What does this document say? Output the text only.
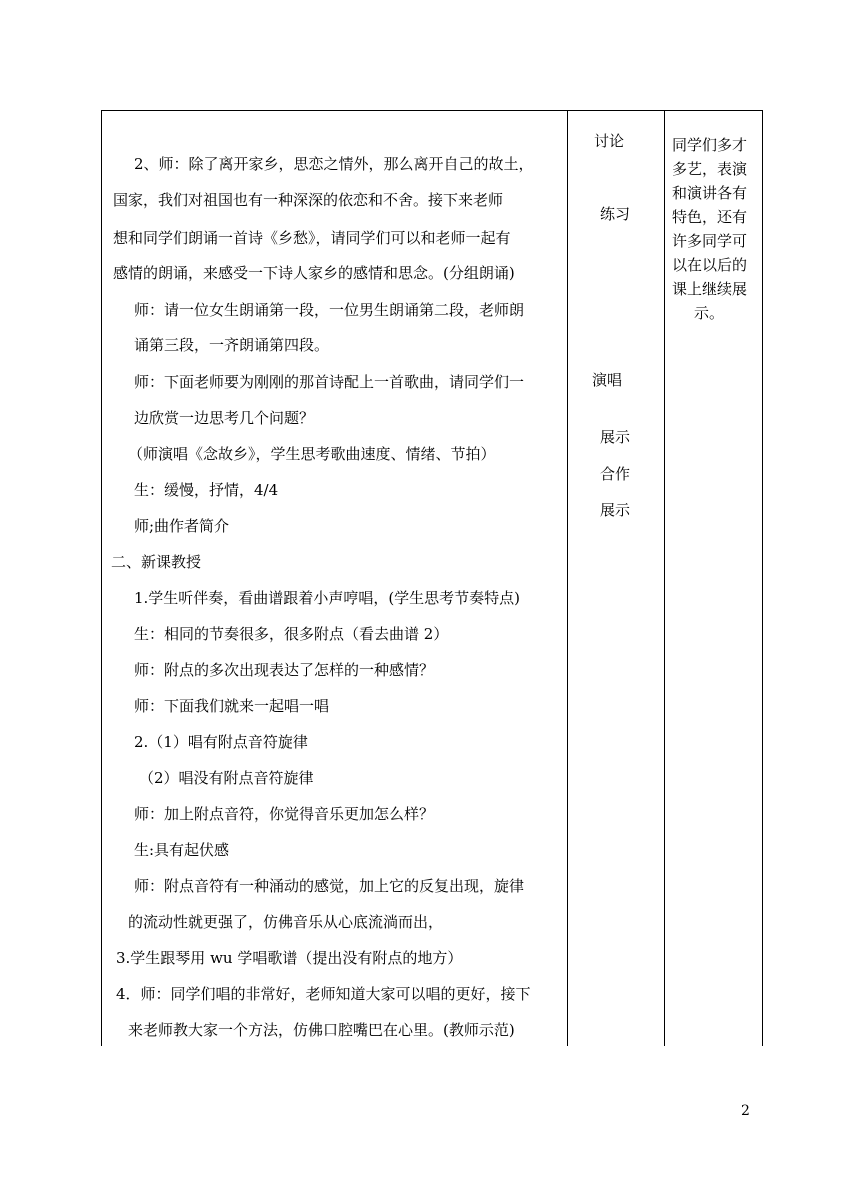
2、师：除了离开家乡，思恋之情外，那么离开自己的故土，
国家，我们对祖国也有一种深深的依恋和不舍。接下来老师
想和同学们朗诵一首诗《乡愁》，请同学们可以和老师一起有
感情的朗诵，来感受一下诗人家乡的感情和思念。(分组朗诵)
师：请一位女生朗诵第一段，一位男生朗诵第二段，老师朗
诵第三段，一齐朗诵第四段。
师：下面老师要为刚刚的那首诗配上一首歌曲，请同学们一
边欣赏一边思考几个问题？
（师演唱《念故乡》，学生思考歌曲速度、情绪、节拍）
生：缓慢，抒情，4/4
师;曲作者简介
二、新课教授
1.学生听伴奏，看曲谱跟着小声哼唱，(学生思考节奏特点)
生：相同的节奏很多，很多附点（看去曲谱 2）
师：附点的多次出现表达了怎样的一种感情？
师：下面我们就来一起唱一唱
2.（1）唱有附点音符旋律
（2）唱没有附点音符旋律
师：加上附点音符，你觉得音乐更加怎么样？
生:具有起伏感
师：附点音符有一种涌动的感觉，加上它的反复出现，旋律
的流动性就更强了，仿佛音乐从心底流淌而出，
3.学生跟琴用 wu 学唱歌谱（提出没有附点的地方）
4．师：同学们唱的非常好，老师知道大家可以唱的更好，接下
来老师教大家一个方法，仿佛口腔嘴巴在心里。(教师示范)
讨论
练习
演唱
展示
合作
展示
同学们多才
多艺，表演
和演讲各有
特色，还有
许多同学可
以在以后的
课上继续展
示。
2
